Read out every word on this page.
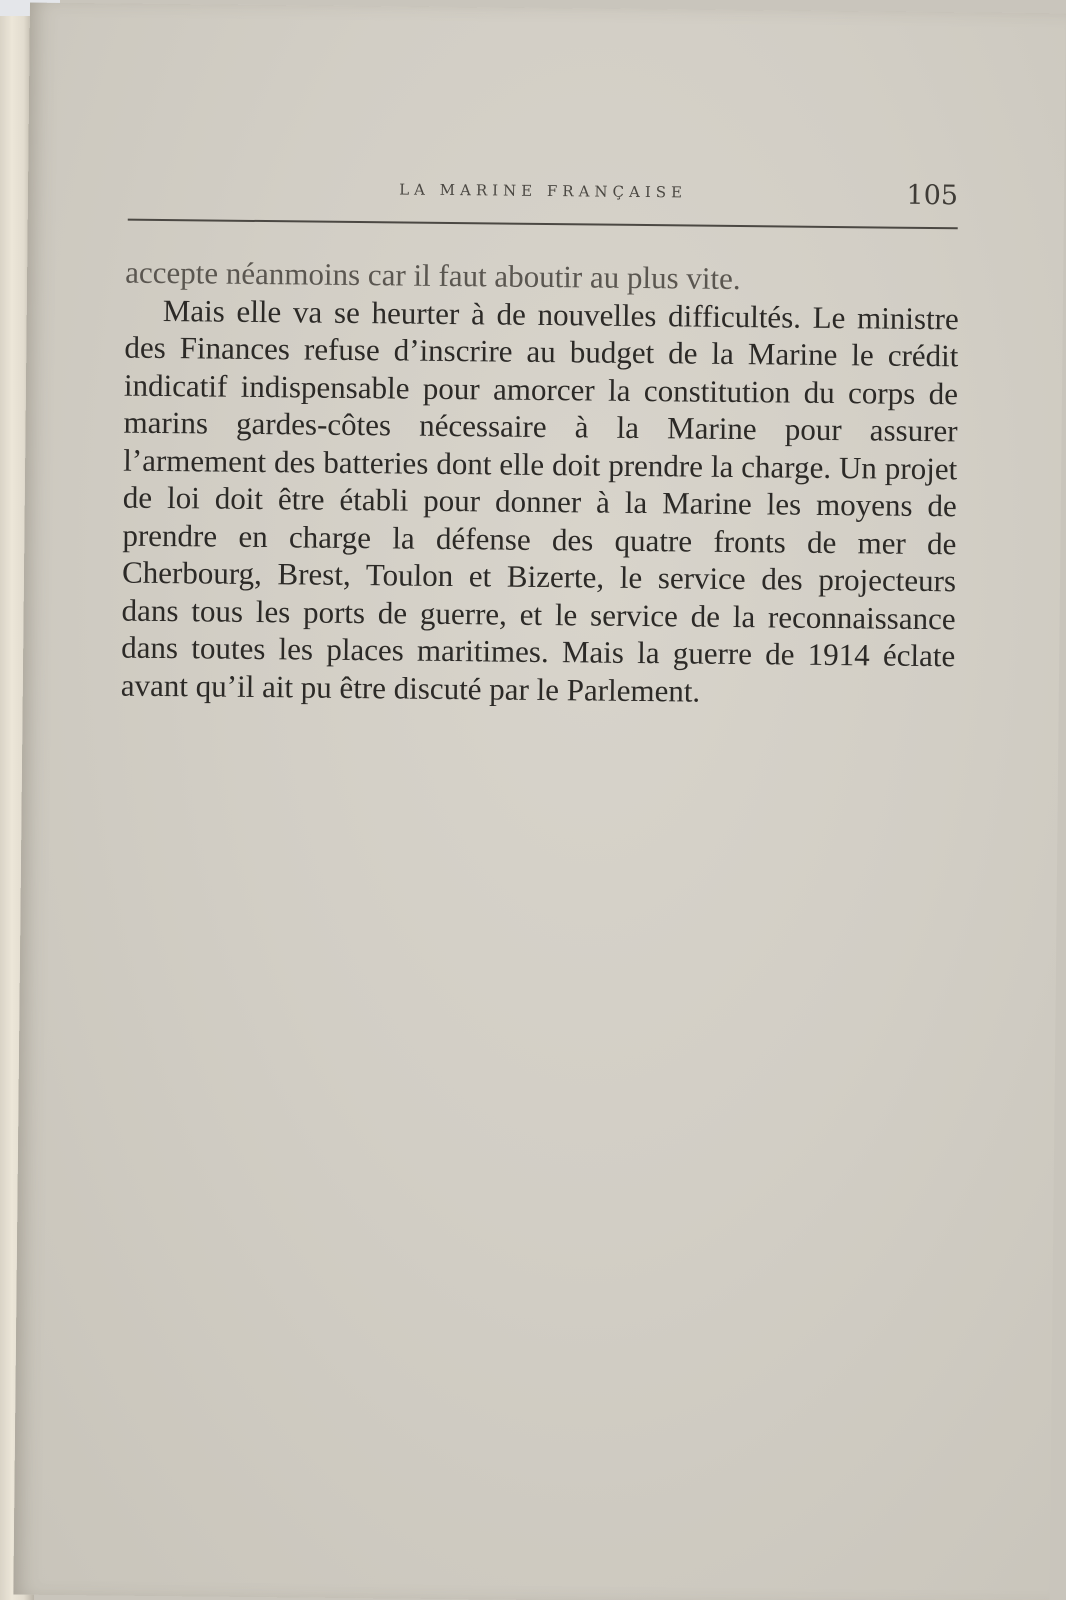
LA MARINE FRANÇAISE	105

accepte néanmoins car il faut aboutir au plus vite.

Mais elle va se heurter à de nouvelles difficultés. Le ministre des Finances refuse d’inscrire au budget de la Marine le crédit indicatif indispensable pour amorcer la constitution du corps de marins gardes-côtes nécessaire à la Marine pour assurer l’armement des batteries dont elle doit prendre la charge. Un projet de loi doit être établi pour donner à la Marine les moyens de prendre en charge la défense des quatre fronts de mer de Cherbourg, Brest, Toulon et Bizerte, le service des projecteurs dans tous les ports de guerre, et le service de la reconnaissance dans toutes les places maritimes. Mais la guerre de 1914 éclate avant qu’il ait pu être discuté par le Parlement.
